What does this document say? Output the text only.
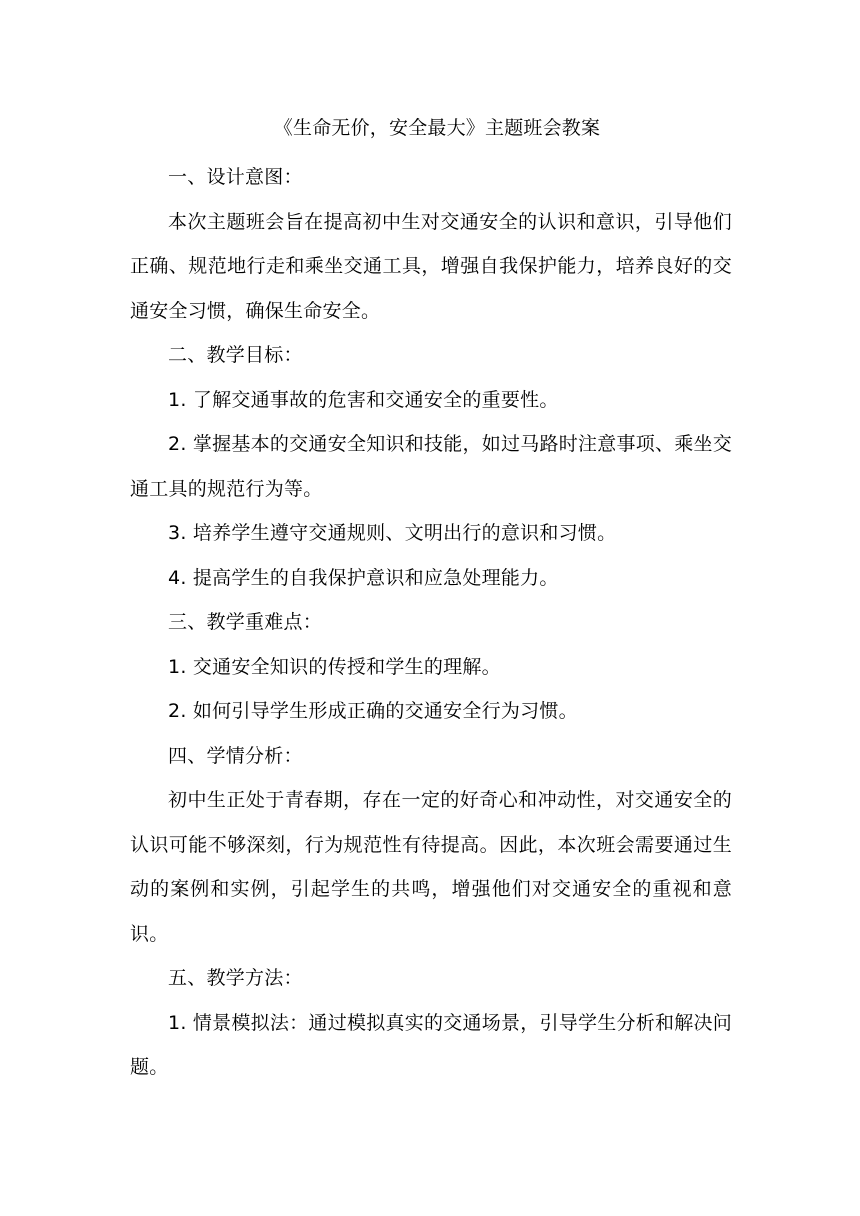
《生命无价，安全最大》主题班会教案

一、设计意图：

本次主题班会旨在提高初中生对交通安全的认识和意识，引导他们正确、规范地行走和乘坐交通工具，增强自我保护能力，培养良好的交通安全习惯，确保生命安全。

二、教学目标：

1. 了解交通事故的危害和交通安全的重要性。

2. 掌握基本的交通安全知识和技能，如过马路时注意事项、乘坐交通工具的规范行为等。

3. 培养学生遵守交通规则、文明出行的意识和习惯。

4. 提高学生的自我保护意识和应急处理能力。

三、教学重难点：

1. 交通安全知识的传授和学生的理解。

2. 如何引导学生形成正确的交通安全行为习惯。

四、学情分析：

初中生正处于青春期，存在一定的好奇心和冲动性，对交通安全的认识可能不够深刻，行为规范性有待提高。因此，本次班会需要通过生动的案例和实例，引起学生的共鸣，增强他们对交通安全的重视和意识。

五、教学方法：

1. 情景模拟法：通过模拟真实的交通场景，引导学生分析和解决问题。
